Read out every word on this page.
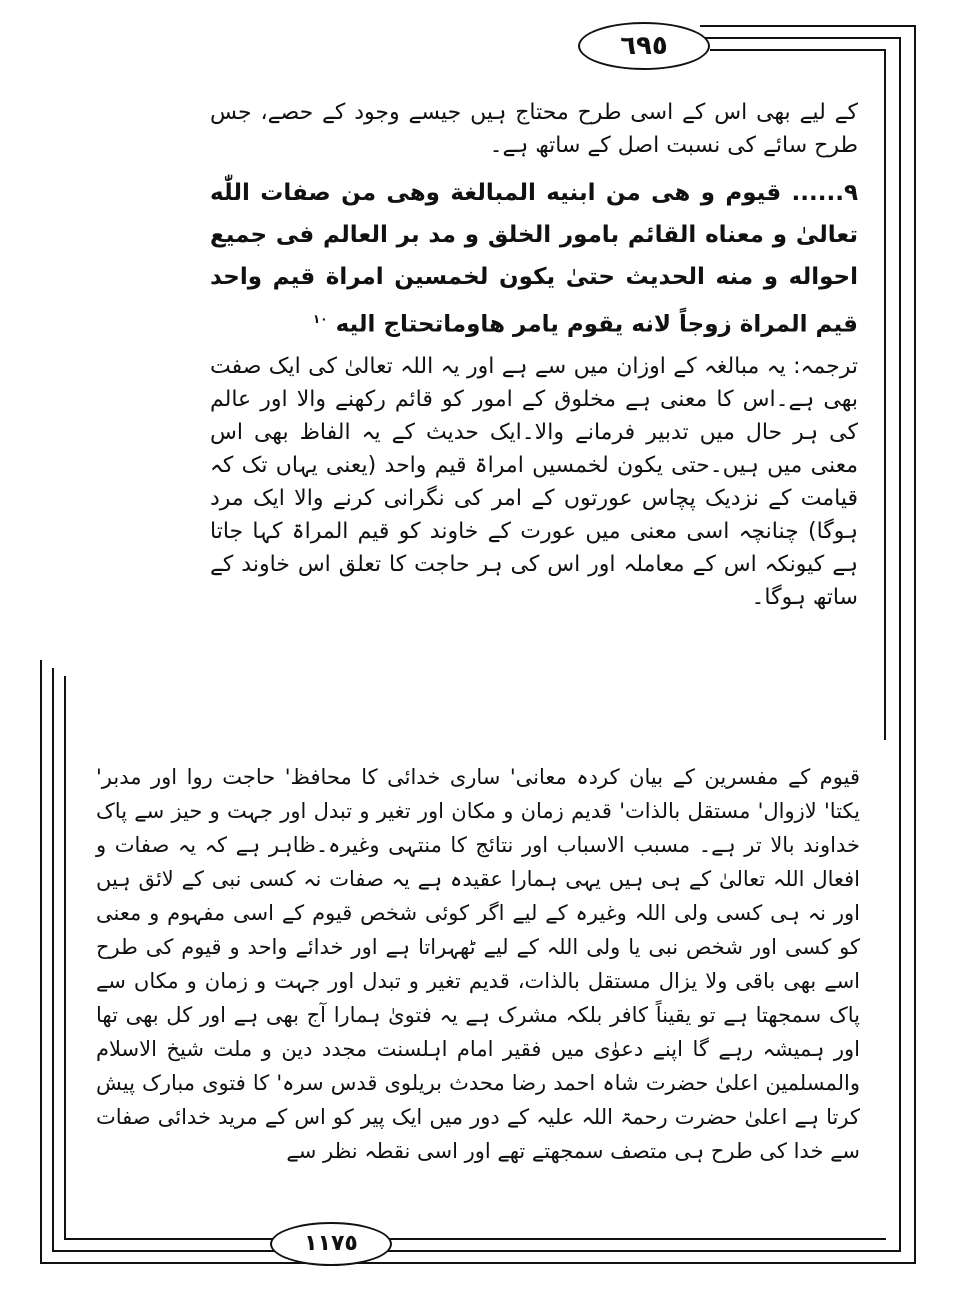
٦٩٥
١١٧٥

کے لیے بھی اس کے اسی طرح محتاج ہیں جیسے وجود کے حصے، جس طرح سائے کی نسبت اصل کے ساتھ ہے۔

٩...... قیوم و ھی من ابنیه المبالغة وھی من صفات اللّٰه تعالیٰ و معناه القائم بامور الخلق و مد بر العالم فی جمیع احواله و منه الحدیث حتیٰ یکون لخمسین امراة قیم واحد قیم المراة زوجاً لانه یقوم یامر ھاوماتحتاج الیه $^{١٠}$

ترجمہ: یہ مبالغہ کے اوزان میں سے ہے اور یہ اللہ تعالیٰ کی ایک صفت بھی ہے۔اس کا معنی ہے مخلوق کے امور کو قائم رکھنے والا اور عالم کی ہر حال میں تدبیر فرمانے والا۔ایک حدیث کے یہ الفاظ بھی اس معنی میں ہیں۔حتی یکون لخمسیں امراۃ قیم واحد (یعنی یہاں تک کہ قیامت کے نزدیک پچاس عورتوں کے امر کی نگرانی کرنے والا ایک مرد ہوگا) چنانچہ اسی معنی میں عورت کے خاوند کو قیم المراۃ کہا جاتا ہے کیونکہ اس کے معاملہ اور اس کی ہر حاجت کا تعلق اس خاوند کے ساتھ ہوگا۔

قیوم کے مفسرین کے بیان کردہ معانی' ساری خدائی کا محافظ' حاجت روا اور مدبر' یکتا' لازوال' مستقل بالذات' قدیم زمان و مکان اور تغیر و تبدل اور جہت و حیز سے پاک خداوند بالا تر ہے۔ مسبب الاسباب اور نتائج کا منتہی وغیرہ۔ظاہر ہے کہ یہ صفات و افعال اللہ تعالیٰ کے ہی ہیں یہی ہمارا عقیدہ ہے یہ صفات نہ کسی نبی کے لائق ہیں اور نہ ہی کسی ولی اللہ وغیرہ کے لیے اگر کوئی شخص قیوم کے اسی مفہوم و معنی کو کسی اور شخص نبی یا ولی اللہ کے لیے ٹھہراتا ہے اور خدائے واحد و قیوم کی طرح اسے بھی باقی ولا یزال مستقل بالذات، قدیم تغیر و تبدل اور جہت و زمان و مکاں سے پاک سمجھتا ہے تو یقیناً کافر بلکہ مشرک ہے یہ فتویٰ ہمارا آج بھی ہے اور کل بھی تھا اور ہمیشہ رہے گا اپنے دعوٰی میں فقیر امام اہلسنت مجدد دین و ملت شیخ الاسلام والمسلمین اعلیٰ حضرت شاہ احمد رضا محدث بریلوی قدس سرہ' کا فتوی مبارک پیش کرتا ہے اعلیٰ حضرت رحمۃ اللہ علیہ کے دور میں ایک پیر کو اس کے مرید خدائی صفات سے خدا کی طرح ہی متصف سمجھتے تھے اور اسی نقطہ نظر سے
